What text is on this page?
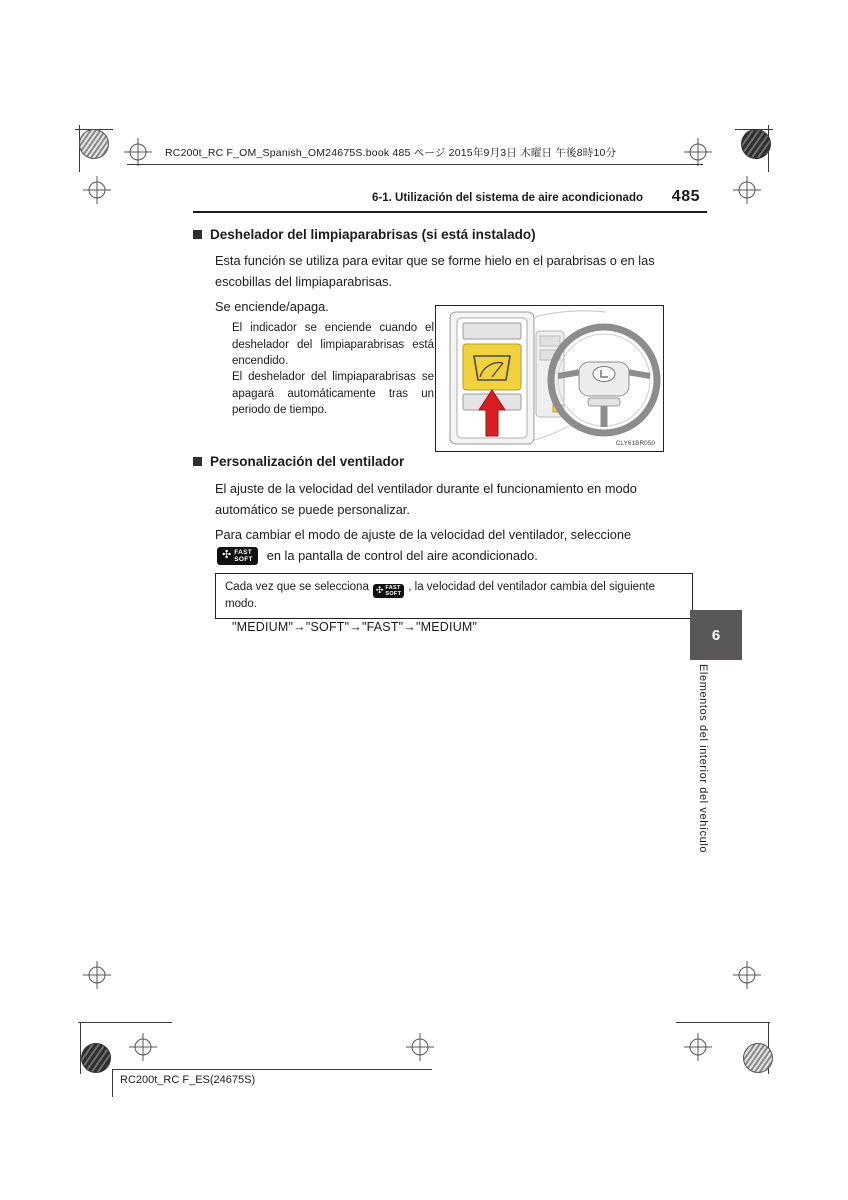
RC200t_RC F_OM_Spanish_OM24675S.book 485 ページ 2015年9月3日 木曜日 午後8時10分
6-1. Utilización del sistema de aire acondicionado	485
Deshelador del limpiaparabrisas (si está instalado)
Esta función se utiliza para evitar que se forme hielo en el parabrisas o en las escobillas del limpiaparabrisas.
Se enciende/apaga.
El indicador se enciende cuando el deshelador del limpiaparabrisas está encendido.
El deshelador del limpiaparabrisas se apagará automáticamente tras un periodo de tiempo.
CLY61BR050
Personalización del ventilador
El ajuste de la velocidad del ventilador durante el funcionamiento en modo automático se puede personalizar.
Para cambiar el modo de ajuste de la velocidad del ventilador, seleccione
✣ FAST
SOFT en la pantalla de control del aire acondicionado.
Cada vez que se selecciona ✣ FAST
SOFT
, la velocidad del ventilador cambia del siguiente modo.
"MEDIUM"→"SOFT"→"FAST"→"MEDIUM"	6
Elementos del interior del vehículo
RC200t_RC F_ES(24675S)
